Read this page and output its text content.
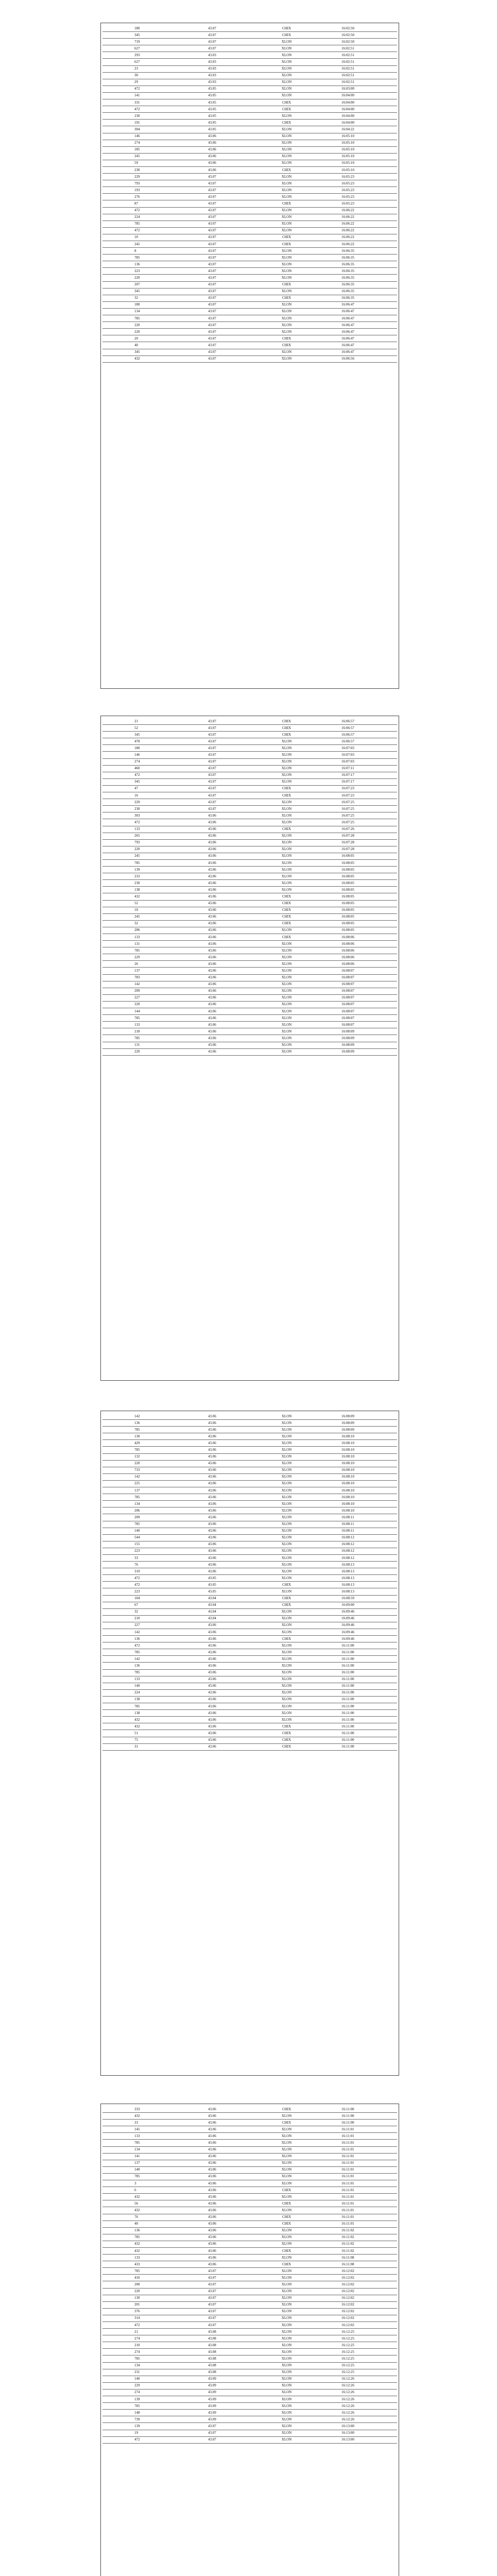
180	43.07	CHIX	16:02:50
345	43.07	CHIX	16:02:50
719	43.07	XLON	16:02:50
627	43.07	XLON	16:02:51
293	43.03	XLON	16:02:51
627	43.03	XLON	16:02:51
23	43.03	XLON	16:02:51
30	43.03	XLON	16:02:51
29	43.03	XLON	16:02:51
472	43.05	XLON	16:03:00
141	43.05	XLON	16:04:00
331	43.05	CHIX	16:04:00
472	43.05	CHIX	16:04:00
230	43.05	XLON	16:04:00
191	43.05	CHIX	16:04:00
304	43.05	XLON	16:04:22
146	43.06	XLON	16:05:10
274	43.06	XLON	16:05:10
185	43.06	XLON	16:05:10
245	43.06	XLON	16:05:10
59	43.06	XLON	16:05:10
230	43.06	CHIX	16:05:10
229	43.07	XLON	16:05:23
793	43.07	XLON	16:05:23
193	43.07	XLON	16:05:23
276	43.07	XLON	16:05:23
87	43.07	CHIX	16:05:23
472	43.07	XLON	16:06:22
224	43.07	XLON	16:06:22
785	43.07	XLON	16:06:22
472	43.07	XLON	16:06:22
10	43.07	CHIX	16:06:22
245	43.07	CHIX	16:06:22
8	43.07	XLON	16:06:35
785	43.07	XLON	16:06:35
136	43.07	XLON	16:06:35
223	43.07	XLON	16:06:35
220	43.07	XLON	16:06:35
207	43.07	CHIX	16:06:35
345	43.07	XLON	16:06:35
32	43.07	CHIX	16:06:35
180	43.07	XLON	16:06:47
134	43.07	XLON	16:06:47
785	43.07	XLON	16:06:47
220	43.07	XLON	16:06:47
220	43.07	XLON	16:06:47
20	43.07	CHIX	16:06:47
40	43.07	CHIX	16:06:47
345	43.07	XLON	16:06:47
432	43.07	XLON	16:06:56
21	43.07	CHIX	16:06:57
52	43.07	CHIX	16:06:57
345	43.07	CHIX	16:06:57
478	43.07	XLON	16:06:57
180	43.07	XLON	16:07:03
146	43.07	XLON	16:07:03
274	43.07	XLON	16:07:03
460	43.07	XLON	16:07:11
472	43.07	XLON	16:07:17
345	43.07	XLON	16:07:17
47	43.07	CHIX	16:07:23
16	43.07	CHIX	16:07:23
229	43.07	XLON	16:07:25
230	43.07	XLON	16:07:25
303	43.06	XLON	16:07:25
472	43.06	XLON	16:07:25
133	43.06	CHIX	16:07:26
265	43.06	XLON	16:07:28
793	43.06	XLON	16:07:28
220	43.06	XLON	16:07:28
245	43.06	XLON	16:08:05
785	43.06	XLON	16:08:05
139	43.06	XLON	16:08:05
233	43.06	XLON	16:08:05
230	43.06	XLON	16:08:05
138	43.06	XLON	16:08:05
432	43.06	CHIX	16:08:05
52	43.06	CHIX	16:08:05
10	43.06	CHIX	16:08:05
245	43.06	CHIX	16:08:05
32	43.06	CHIX	16:08:05
206	43.06	XLON	16:08:05
133	43.06	CHIX	16:08:06
131	43.06	XLON	16:08:06
785	43.06	XLON	16:08:06
229	43.06	XLON	16:08:06
26	43.06	XLON	16:08:06
137	43.06	XLON	16:08:07
783	43.06	XLON	16:08:07
142	43.06	XLON	16:08:07
209	43.06	XLON	16:08:07
227	43.06	XLON	16:08:07
220	43.06	XLON	16:08:07
144	43.06	XLON	16:08:07
785	43.06	XLON	16:08:07
133	43.06	XLON	16:08:07
218	43.06	XLON	16:08:09
785	43.06	XLON	16:08:09
131	43.06	XLON	16:08:09
220	43.06	XLON	16:08:09
142	43.06	XLON	16:08:09
136	43.06	XLON	16:08:09
785	43.06	XLON	16:08:09
130	43.06	XLON	16:08:10
429	43.06	XLON	16:08:10
785	43.06	XLON	16:08:10
132	43.06	XLON	16:08:10
220	43.06	XLON	16:08:10
733	43.06	XLON	16:08:10
142	43.06	XLON	16:08:10
225	43.06	XLON	16:08:10
137	43.06	XLON	16:08:10
785	43.06	XLON	16:08:10
134	43.06	XLON	16:08:10
206	43.06	XLON	16:08:10
209	43.06	XLON	16:08:11
785	43.06	XLON	16:08:11
140	43.06	XLON	16:08:11
544	43.06	XLON	16:08:12
155	43.06	XLON	16:08:12
223	43.06	XLON	16:08:12
33	43.06	XLON	16:08:12
76	43.06	XLON	16:08:13
319	43.06	XLON	16:08:13
472	43.05	XLON	16:08:13
472	43.05	CHIX	16:08:13
223	43.05	XLON	16:08:13
104	43.04	CHIX	16:08:59
67	43.04	CHIX	16:09:00
32	43.04	XLON	16:09:46
210	43.04	XLON	16:09:46
227	43.06	XLON	16:09:46
142	43.06	XLON	16:09:46
136	43.06	CHIX	16:09:46
472	43.06	XLON	16:11:00
785	43.06	XLON	16:11:00
142	43.06	XLON	16:11:00
136	43.06	XLON	16:11:00
785	43.06	XLON	16:11:00
133	43.06	XLON	16:11:00
140	43.06	XLON	16:11:00
224	43.06	XLON	16:11:00
138	43.06	XLON	16:11:00
785	43.06	XLON	16:11:00
138	43.06	XLON	16:11:00
432	43.06	XLON	16:11:00
432	43.06	CHIX	16:11:00
51	43.06	CHIX	16:11:00
75	43.06	CHIX	16:11:00
31	43.06	CHIX	16:11:00
333	43.06	CHIX	16:11:00
432	43.06	XLON	16:11:00
33	43.06	CHIX	16:11:00
145	43.06	XLON	16:11:01
133	43.06	XLON	16:11:01
785	43.06	XLON	16:11:01
134	43.06	XLON	16:11:01
141	43.06	XLON	16:11:01
137	43.06	XLON	16:11:01
140	43.06	XLON	16:11:01
785	43.06	XLON	16:11:01
3	43.06	XLON	16:11:01
6	43.06	CHIX	16:11:01
432	43.06	XLON	16:11:01
56	43.06	CHIX	16:11:01
432	43.06	XLON	16:11:01
76	43.06	CHIX	16:11:01
40	43.06	CHIX	16:11:01
136	43.06	XLON	16:11:02
785	43.06	XLON	16:11:02
432	43.06	XLON	16:11:02
432	43.06	CHIX	16:11:02
133	43.06	XLON	16:11:08
433	43.06	CHIX	16:11:08
785	43.07	XLON	16:12:02
410	43.07	XLON	16:12:02
200	43.07	XLON	16:12:02
220	43.07	XLON	16:12:02
130	43.07	XLON	16:12:02
201	43.07	XLON	16:12:02
376	43.07	XLON	16:12:02
314	43.07	XLON	16:12:02
472	43.07	XLON	16:12:02
21	43.08	XLON	16:12:25
274	43.08	XLON	16:12:25
210	43.08	XLON	16:12:25
274	43.08	XLON	16:12:25
785	43.08	XLON	16:12:25
134	43.08	XLON	16:12:25
231	43.08	XLON	16:12:25
140	43.09	XLON	16:12:26
229	43.09	XLON	16:12:26
274	43.09	XLON	16:12:26
139	43.09	XLON	16:12:26
785	43.09	XLON	16:12:26
148	43.09	XLON	16:12:26
739	43.09	XLON	16:12:26
139	43.07	XLON	16:13:00
19	43.07	XLON	16:13:00
472	43.07	XLON	16:13:00
